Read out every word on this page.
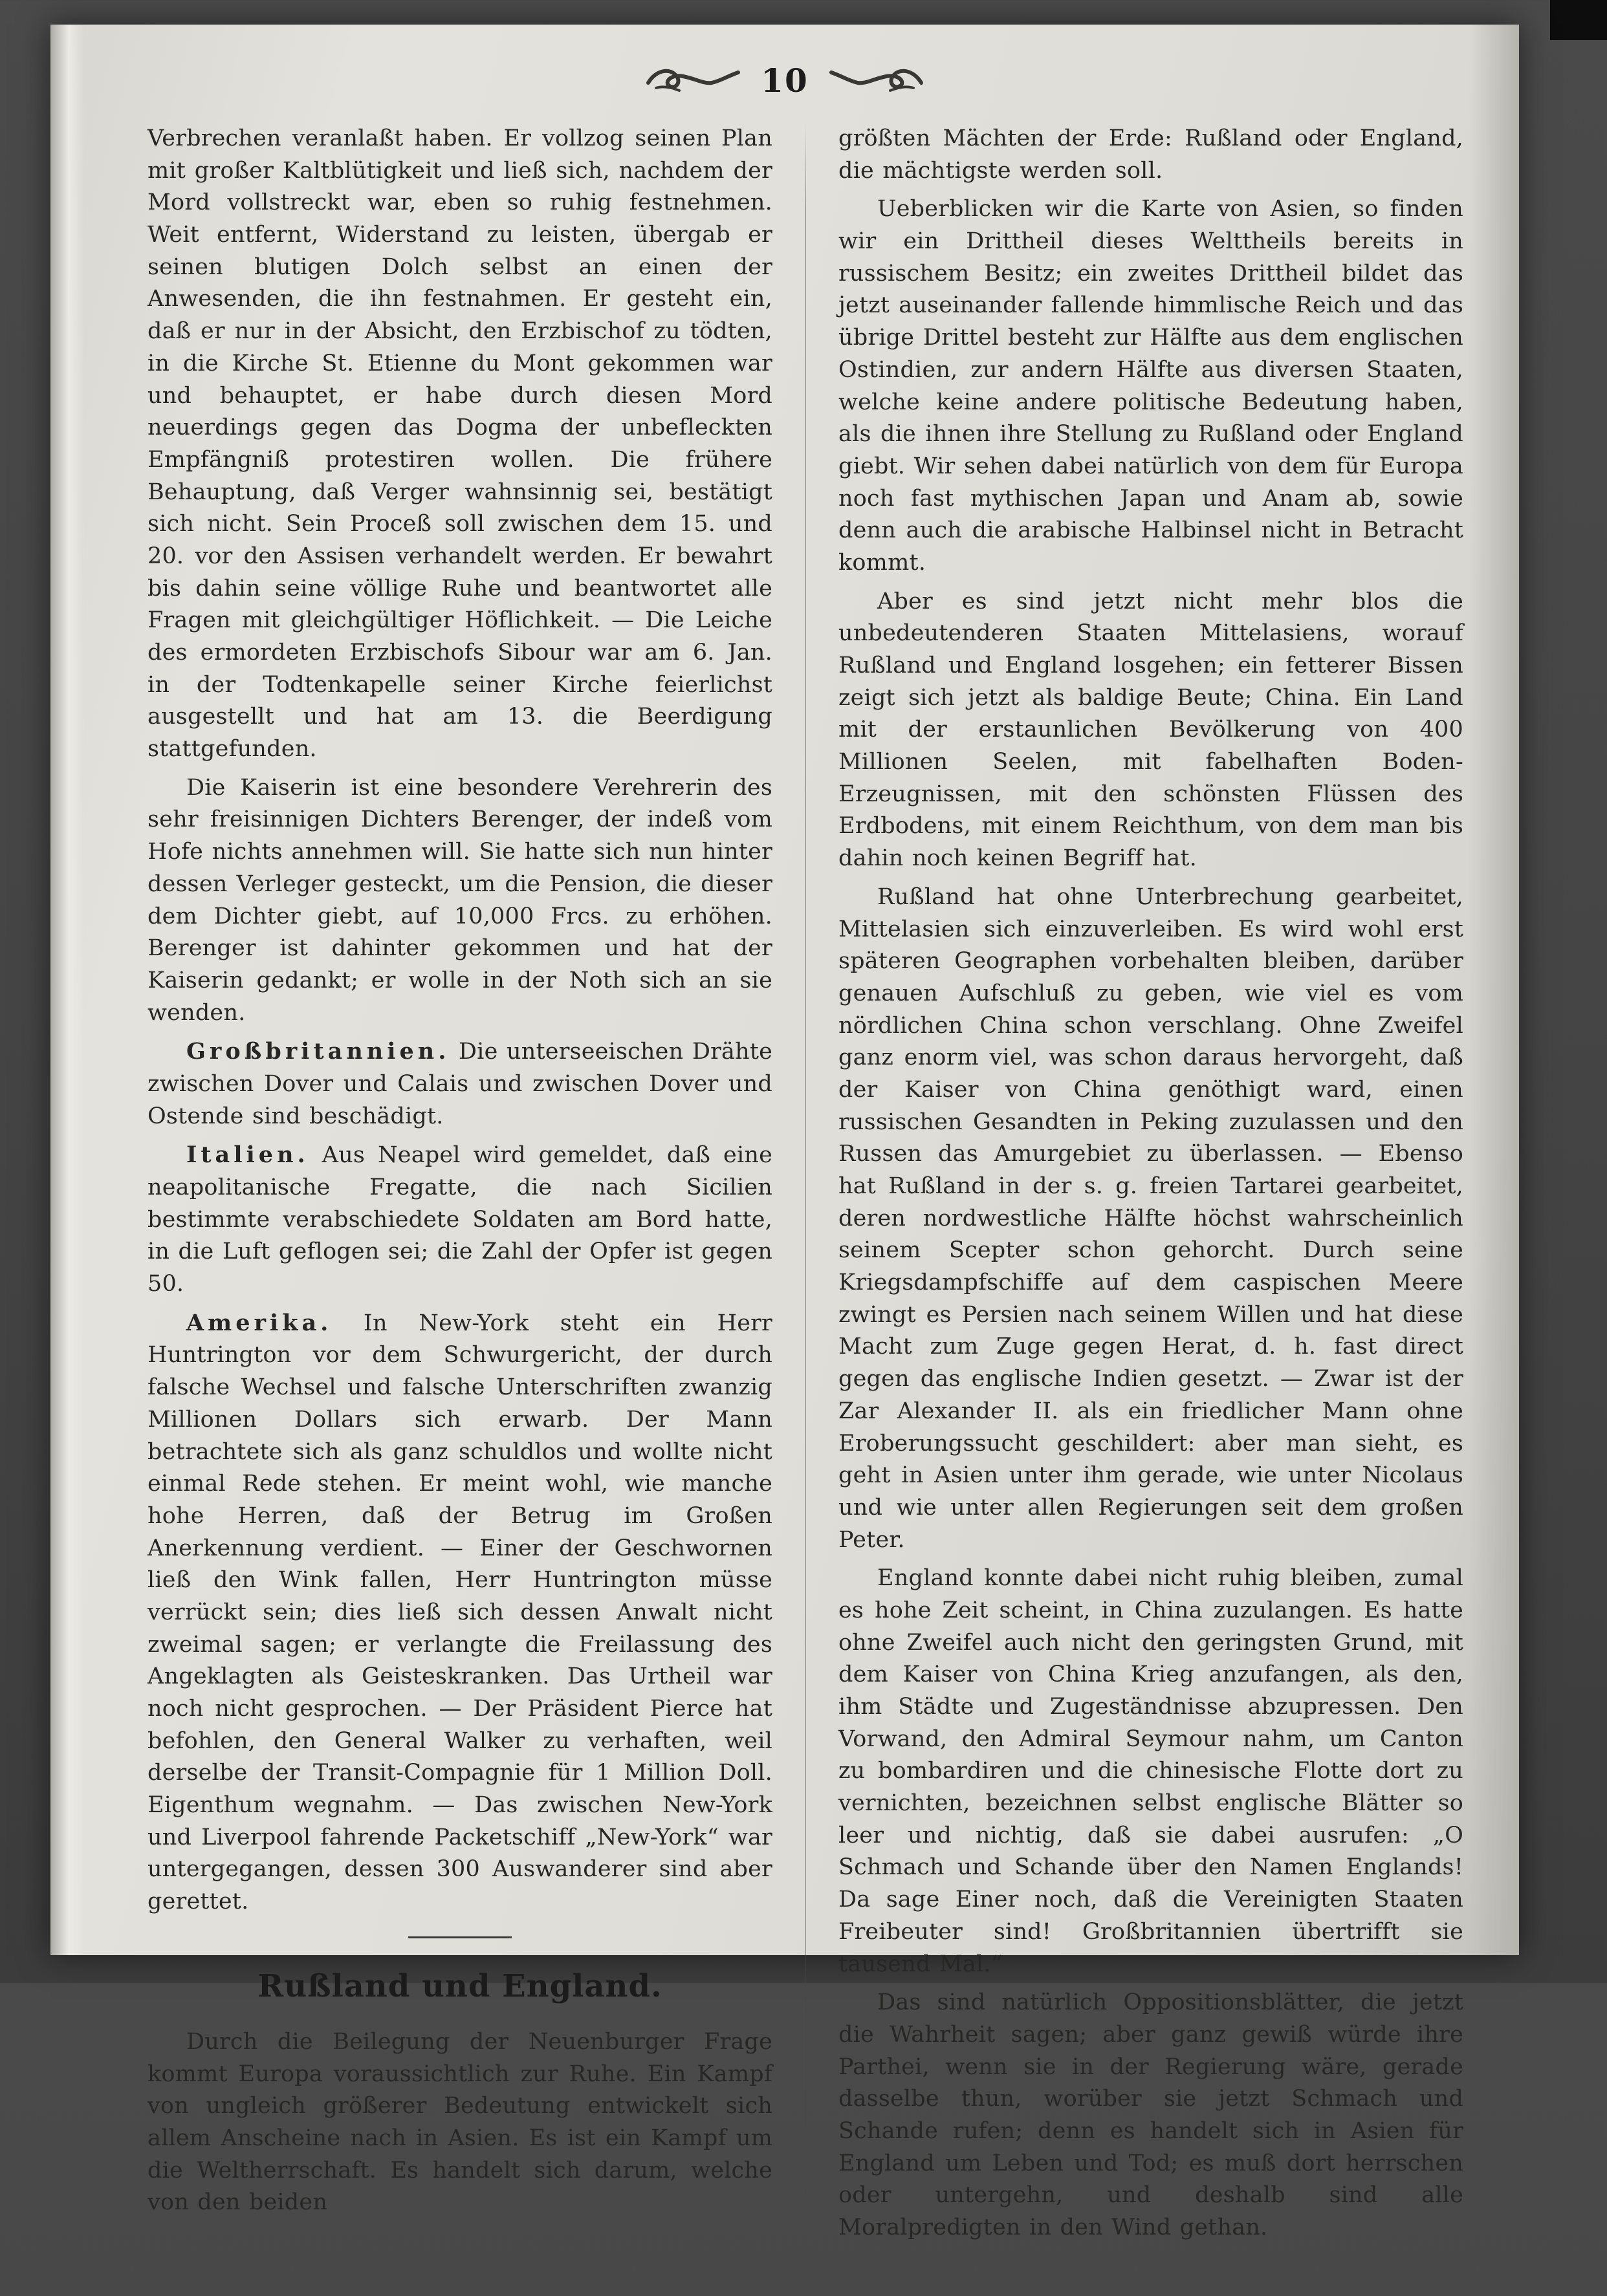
10

Verbrechen veranlaßt haben. Er vollzog seinen Plan mit großer Kaltblütigkeit und ließ sich, nachdem der Mord vollstreckt war, eben so ruhig festnehmen. Weit entfernt, Widerstand zu leisten, übergab er seinen blutigen Dolch selbst an einen der Anwesenden, die ihn festnahmen. Er gesteht ein, daß er nur in der Absicht, den Erzbischof zu tödten, in die Kirche St. Etienne du Mont gekommen war und behauptet, er habe durch diesen Mord neuerdings gegen das Dogma der unbefleckten Empfängniß protestiren wollen. Die frühere Behauptung, daß Verger wahnsinnig sei, bestätigt sich nicht. Sein Proceß soll zwischen dem 15. und 20. vor den Assisen verhandelt werden. Er bewahrt bis dahin seine völlige Ruhe und beantwortet alle Fragen mit gleichgültiger Höflichkeit. — Die Leiche des ermordeten Erzbischofs Sibour war am 6. Jan. in der Todtenkapelle seiner Kirche feierlichst ausgestellt und hat am 13. die Beerdigung stattgefunden.

Die Kaiserin ist eine besondere Verehrerin des sehr freisinnigen Dichters Berenger, der indeß vom Hofe nichts annehmen will. Sie hatte sich nun hinter dessen Verleger gesteckt, um die Pension, die dieser dem Dichter giebt, auf 10,000 Frcs. zu erhöhen. Berenger ist dahinter gekommen und hat der Kaiserin gedankt; er wolle in der Noth sich an sie wenden.

Großbritannien. Die unterseeischen Drähte zwischen Dover und Calais und zwischen Dover und Ostende sind beschädigt.

Italien. Aus Neapel wird gemeldet, daß eine neapolitanische Fregatte, die nach Sicilien bestimmte verabschiedete Soldaten am Bord hatte, in die Luft geflogen sei; die Zahl der Opfer ist gegen 50.

Amerika. In New-York steht ein Herr Huntrington vor dem Schwurgericht, der durch falsche Wechsel und falsche Unterschriften zwanzig Millionen Dollars sich erwarb. Der Mann betrachtete sich als ganz schuldlos und wollte nicht einmal Rede stehen. Er meint wohl, wie manche hohe Herren, daß der Betrug im Großen Anerkennung verdient. — Einer der Geschwornen ließ den Wink fallen, Herr Huntrington müsse verrückt sein; dies ließ sich dessen Anwalt nicht zweimal sagen; er verlangte die Freilassung des Angeklagten als Geisteskranken. Das Urtheil war noch nicht gesprochen. — Der Präsident Pierce hat befohlen, den General Walker zu verhaften, weil derselbe der Transit-Compagnie für 1 Million Doll. Eigenthum wegnahm. — Das zwischen New-York und Liverpool fahrende Packetschiff „New-York“ war untergegangen, dessen 300 Auswanderer sind aber gerettet.

Rußland und England.

Durch die Beilegung der Neuenburger Frage kommt Europa voraussichtlich zur Ruhe. Ein Kampf von ungleich größerer Bedeutung entwickelt sich allem Anscheine nach in Asien. Es ist ein Kampf um die Weltherrschaft. Es handelt sich darum, welche von den beiden

größten Mächten der Erde: Rußland oder England, die mächtigste werden soll.

Ueberblicken wir die Karte von Asien, so finden wir ein Drittheil dieses Welttheils bereits in russischem Besitz; ein zweites Drittheil bildet das jetzt auseinander fallende himmlische Reich und das übrige Drittel besteht zur Hälfte aus dem englischen Ostindien, zur andern Hälfte aus diversen Staaten, welche keine andere politische Bedeutung haben, als die ihnen ihre Stellung zu Rußland oder England giebt. Wir sehen dabei natürlich von dem für Europa noch fast mythischen Japan und Anam ab, sowie denn auch die arabische Halbinsel nicht in Betracht kommt.

Aber es sind jetzt nicht mehr blos die unbedeutenderen Staaten Mittelasiens, worauf Rußland und England losgehen; ein fetterer Bissen zeigt sich jetzt als baldige Beute; China. Ein Land mit der erstaunlichen Bevölkerung von 400 Millionen Seelen, mit fabelhaften Boden-Erzeugnissen, mit den schönsten Flüssen des Erdbodens, mit einem Reichthum, von dem man bis dahin noch keinen Begriff hat.

Rußland hat ohne Unterbrechung gearbeitet, Mittelasien sich einzuverleiben. Es wird wohl erst späteren Geographen vorbehalten bleiben, darüber genauen Aufschluß zu geben, wie viel es vom nördlichen China schon verschlang. Ohne Zweifel ganz enorm viel, was schon daraus hervorgeht, daß der Kaiser von China genöthigt ward, einen russischen Gesandten in Peking zuzulassen und den Russen das Amurgebiet zu überlassen. — Ebenso hat Rußland in der s. g. freien Tartarei gearbeitet, deren nordwestliche Hälfte höchst wahrscheinlich seinem Scepter schon gehorcht. Durch seine Kriegsdampfschiffe auf dem caspischen Meere zwingt es Persien nach seinem Willen und hat diese Macht zum Zuge gegen Herat, d. h. fast direct gegen das englische Indien gesetzt. — Zwar ist der Zar Alexander II. als ein friedlicher Mann ohne Eroberungssucht geschildert: aber man sieht, es geht in Asien unter ihm gerade, wie unter Nicolaus und wie unter allen Regierungen seit dem großen Peter.

England konnte dabei nicht ruhig bleiben, zumal es hohe Zeit scheint, in China zuzulangen. Es hatte ohne Zweifel auch nicht den geringsten Grund, mit dem Kaiser von China Krieg anzufangen, als den, ihm Städte und Zugeständnisse abzupressen. Den Vorwand, den Admiral Seymour nahm, um Canton zu bombardiren und die chinesische Flotte dort zu vernichten, bezeichnen selbst englische Blätter so leer und nichtig, daß sie dabei ausrufen: „O Schmach und Schande über den Namen Englands! Da sage Einer noch, daß die Vereinigten Staaten Freibeuter sind! Großbritannien übertrifft sie tausend Mal.“

Das sind natürlich Oppositionsblätter, die jetzt die Wahrheit sagen; aber ganz gewiß würde ihre Parthei, wenn sie in der Regierung wäre, gerade dasselbe thun, worüber sie jetzt Schmach und Schande rufen; denn es handelt sich in Asien für England um Leben und Tod; es muß dort herrschen oder untergehn, und deshalb sind alle Moralpredigten in den Wind gethan.
